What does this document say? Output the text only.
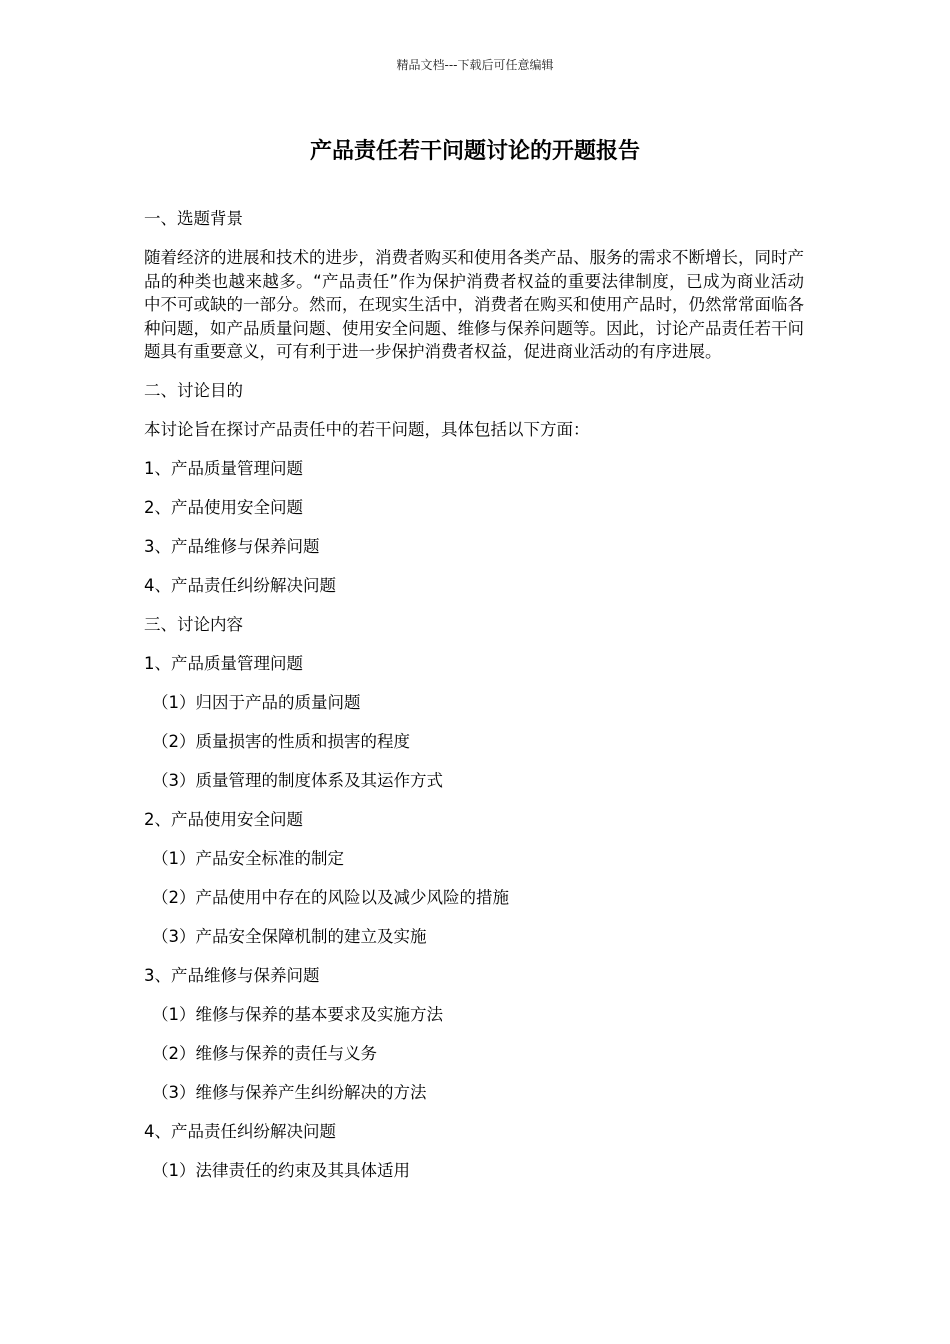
精品文档---下载后可任意编辑
产品责任若干问题讨论的开题报告
一、选题背景
随着经济的进展和技术的进步，消费者购买和使用各类产品、服务的需求不断增长，同时产品的种类也越来越多。“产品责任”作为保护消费者权益的重要法律制度，已成为商业活动中不可或缺的一部分。然而，在现实生活中，消费者在购买和使用产品时，仍然常常面临各种问题，如产品质量问题、使用安全问题、维修与保养问题等。因此，讨论产品责任若干问题具有重要意义，可有利于进一步保护消费者权益，促进商业活动的有序进展。
二、讨论目的
本讨论旨在探讨产品责任中的若干问题，具体包括以下方面：
1、产品质量管理问题
2、产品使用安全问题
3、产品维修与保养问题
4、产品责任纠纷解决问题
三、讨论内容
1、产品质量管理问题
（1）归因于产品的质量问题
（2）质量损害的性质和损害的程度
（3）质量管理的制度体系及其运作方式
2、产品使用安全问题
（1）产品安全标准的制定
（2）产品使用中存在的风险以及减少风险的措施
（3）产品安全保障机制的建立及实施
3、产品维修与保养问题
（1）维修与保养的基本要求及实施方法
（2）维修与保养的责任与义务
（3）维修与保养产生纠纷解决的方法
4、产品责任纠纷解决问题
（1）法律责任的约束及其具体适用
